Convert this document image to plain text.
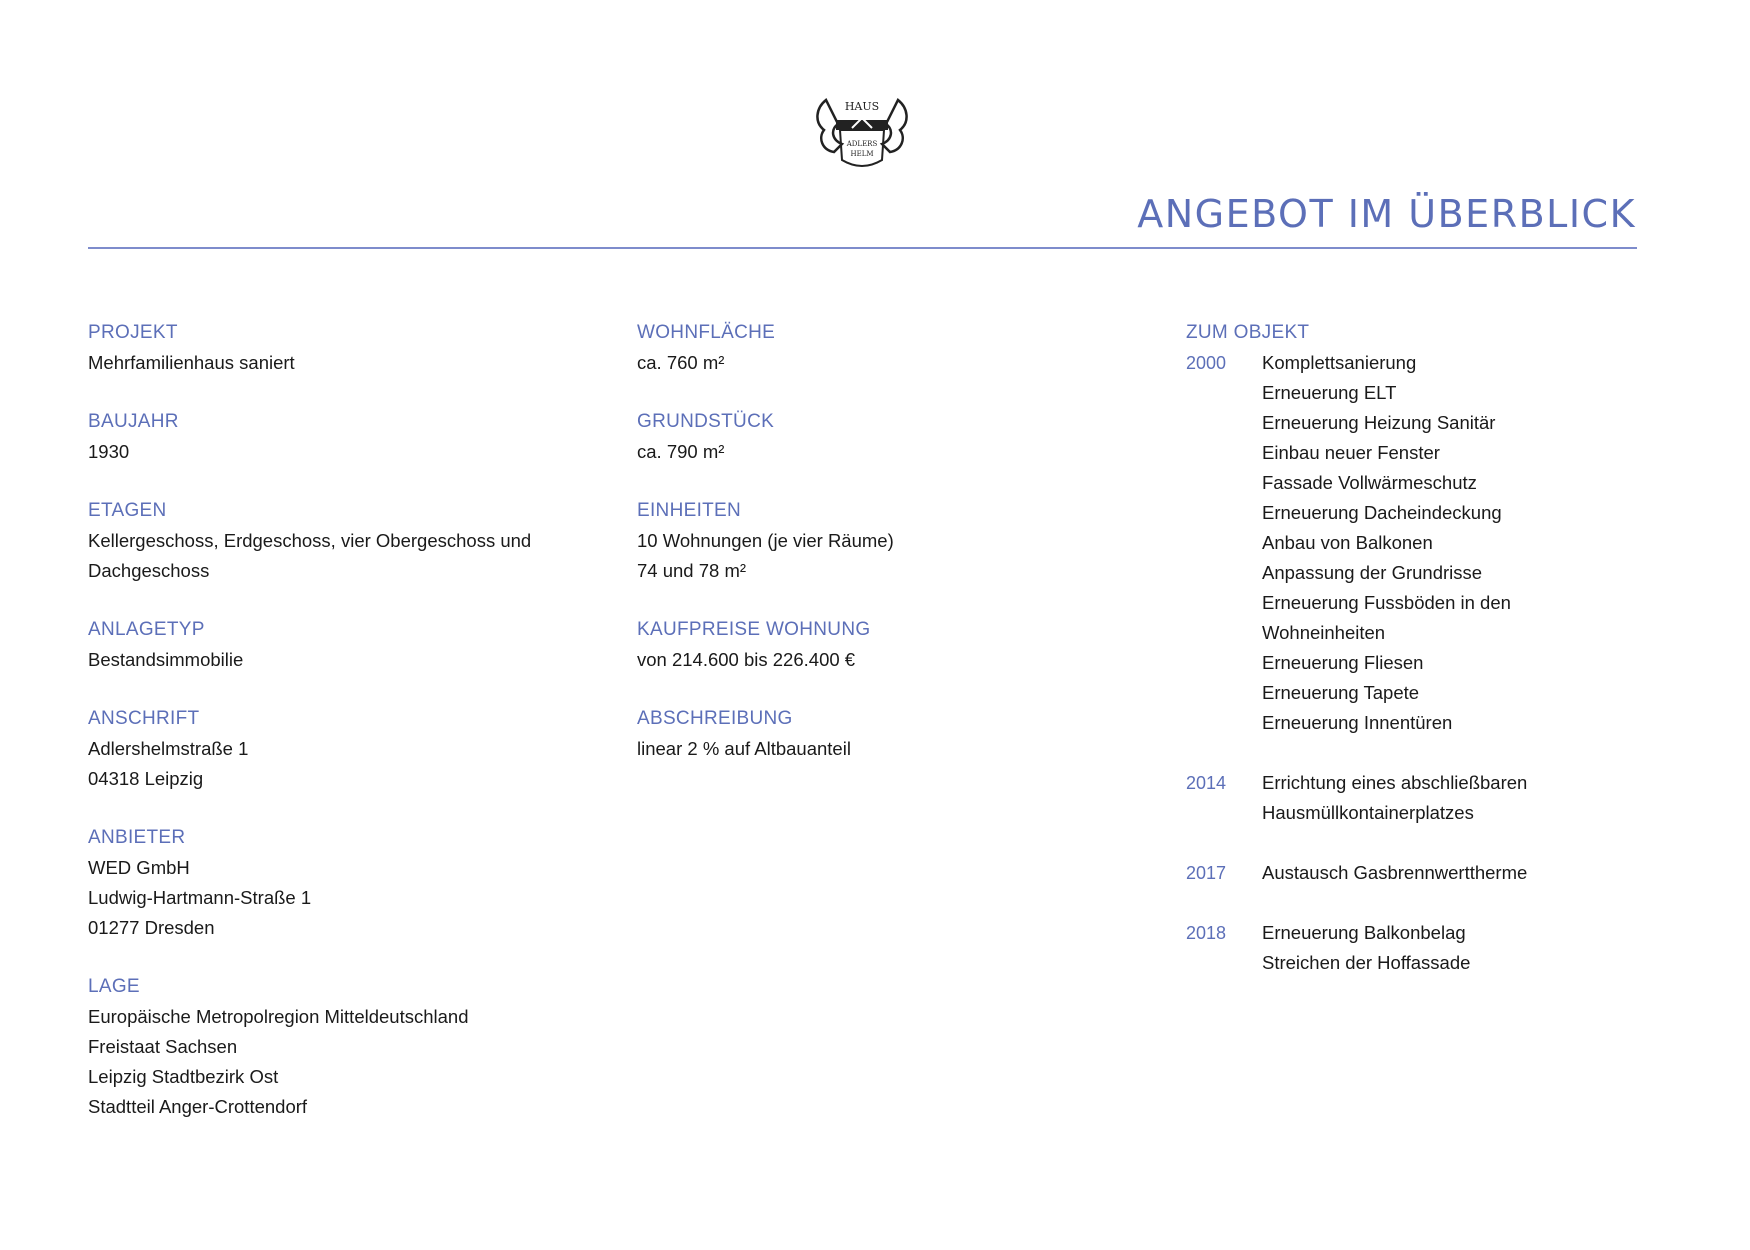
HAUS
ADLERS
HELM
ANGEBOT IM ÜBERBLICK
PROJEKT
Mehrfamilienhaus saniert
BAUJAHR
1930
ETAGEN
Kellergeschoss, Erdgeschoss, vier Obergeschoss und
Dachgeschoss
ANLAGETYP
Bestandsimmobilie
ANSCHRIFT
Adlershelmstraße 1
04318 Leipzig
ANBIETER
WED GmbH
Ludwig-Hartmann-Straße 1
01277 Dresden
LAGE
Europäische Metropolregion Mitteldeutschland
Freistaat Sachsen
Leipzig Stadtbezirk Ost
Stadtteil Anger-Crottendorf
WOHNFLÄCHE
ca. 760 m²
GRUNDSTÜCK
ca. 790 m²
EINHEITEN
10 Wohnungen (je vier Räume)
74 und 78 m²
KAUFPREISE WOHNUNG
von 214.600 bis 226.400 €
ABSCHREIBUNG
linear 2 % auf Altbauanteil
ZUM OBJEKT
2000	Komplettsanierung
Erneuerung ELT
Erneuerung Heizung Sanitär
Einbau neuer Fenster
Fassade Vollwärmeschutz
Erneuerung Dacheindeckung
Anbau von Balkonen
Anpassung der Grundrisse
Erneuerung Fussböden in den
Wohneinheiten
Erneuerung Fliesen
Erneuerung Tapete
Erneuerung Innentüren
2014	Errichtung eines abschließbaren
Hausmüllkontainerplatzes
2017	Austausch Gasbrennwerttherme
2018	Erneuerung Balkonbelag
Streichen der Hoffassade
